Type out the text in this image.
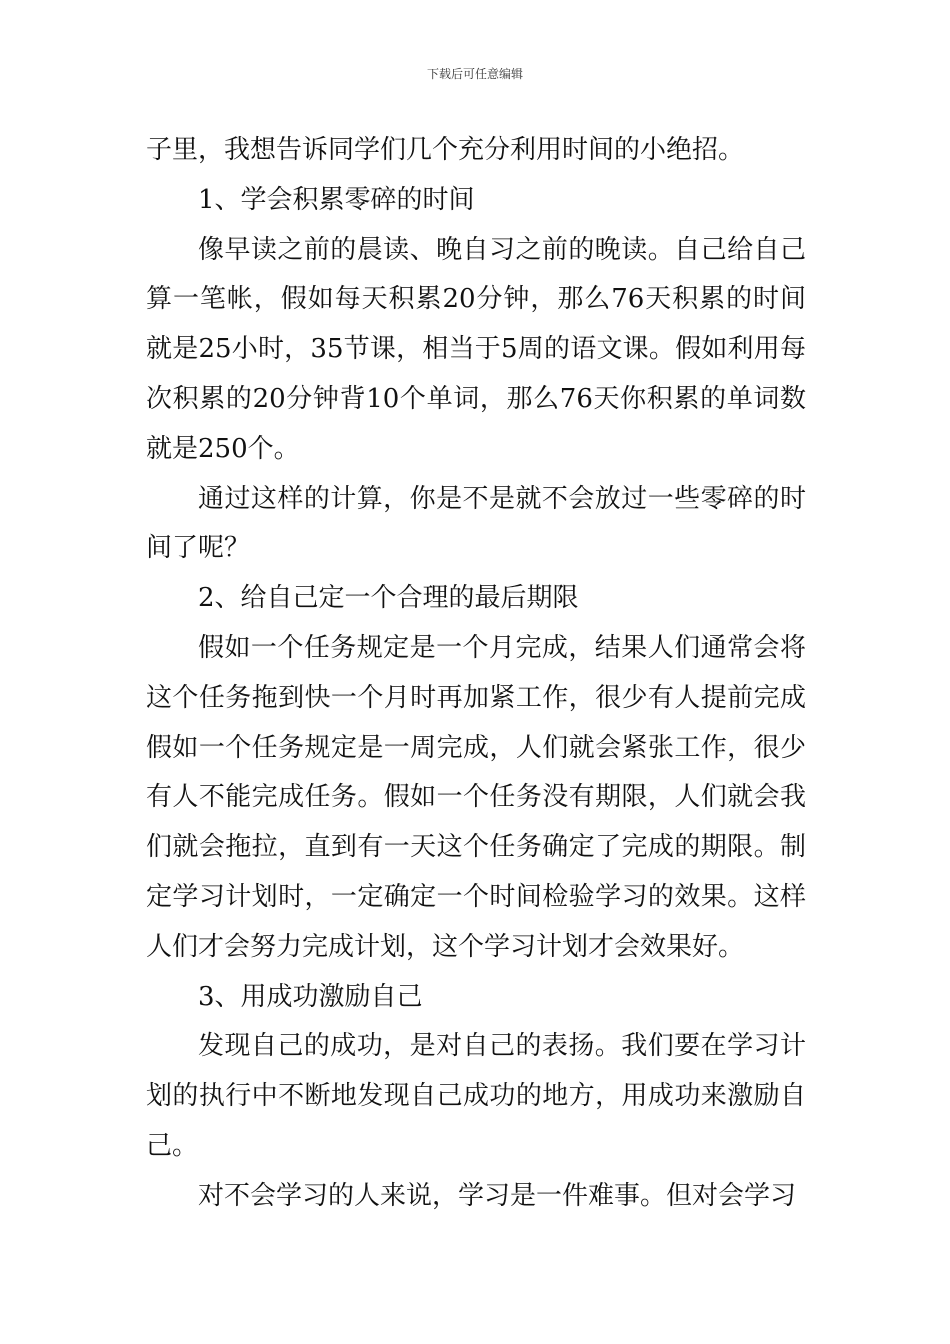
下载后可任意编辑

子里，我想告诉同学们几个充分利用时间的小绝招。

1、学会积累零碎的时间

像早读之前的晨读、晚自习之前的晚读。自己给自己算一笔帐，假如每天积累20分钟，那么76天积累的时间就是25小时，35节课，相当于5周的语文课。假如利用每次积累的20分钟背10个单词，那么76天你积累的单词数就是250个。

通过这样的计算，你是不是就不会放过一些零碎的时间了呢？

2、给自己定一个合理的最后期限

假如一个任务规定是一个月完成，结果人们通常会将这个任务拖到快一个月时再加紧工作，很少有人提前完成假如一个任务规定是一周完成，人们就会紧张工作，很少有人不能完成任务。假如一个任务没有期限，人们就会我们就会拖拉，直到有一天这个任务确定了完成的期限。制定学习计划时，一定确定一个时间检验学习的效果。这样人们才会努力完成计划，这个学习计划才会效果好。

3、用成功激励自己

发现自己的成功，是对自己的表扬。我们要在学习计划的执行中不断地发现自己成功的地方，用成功来激励自己。

对不会学习的人来说，学习是一件难事。但对会学习
